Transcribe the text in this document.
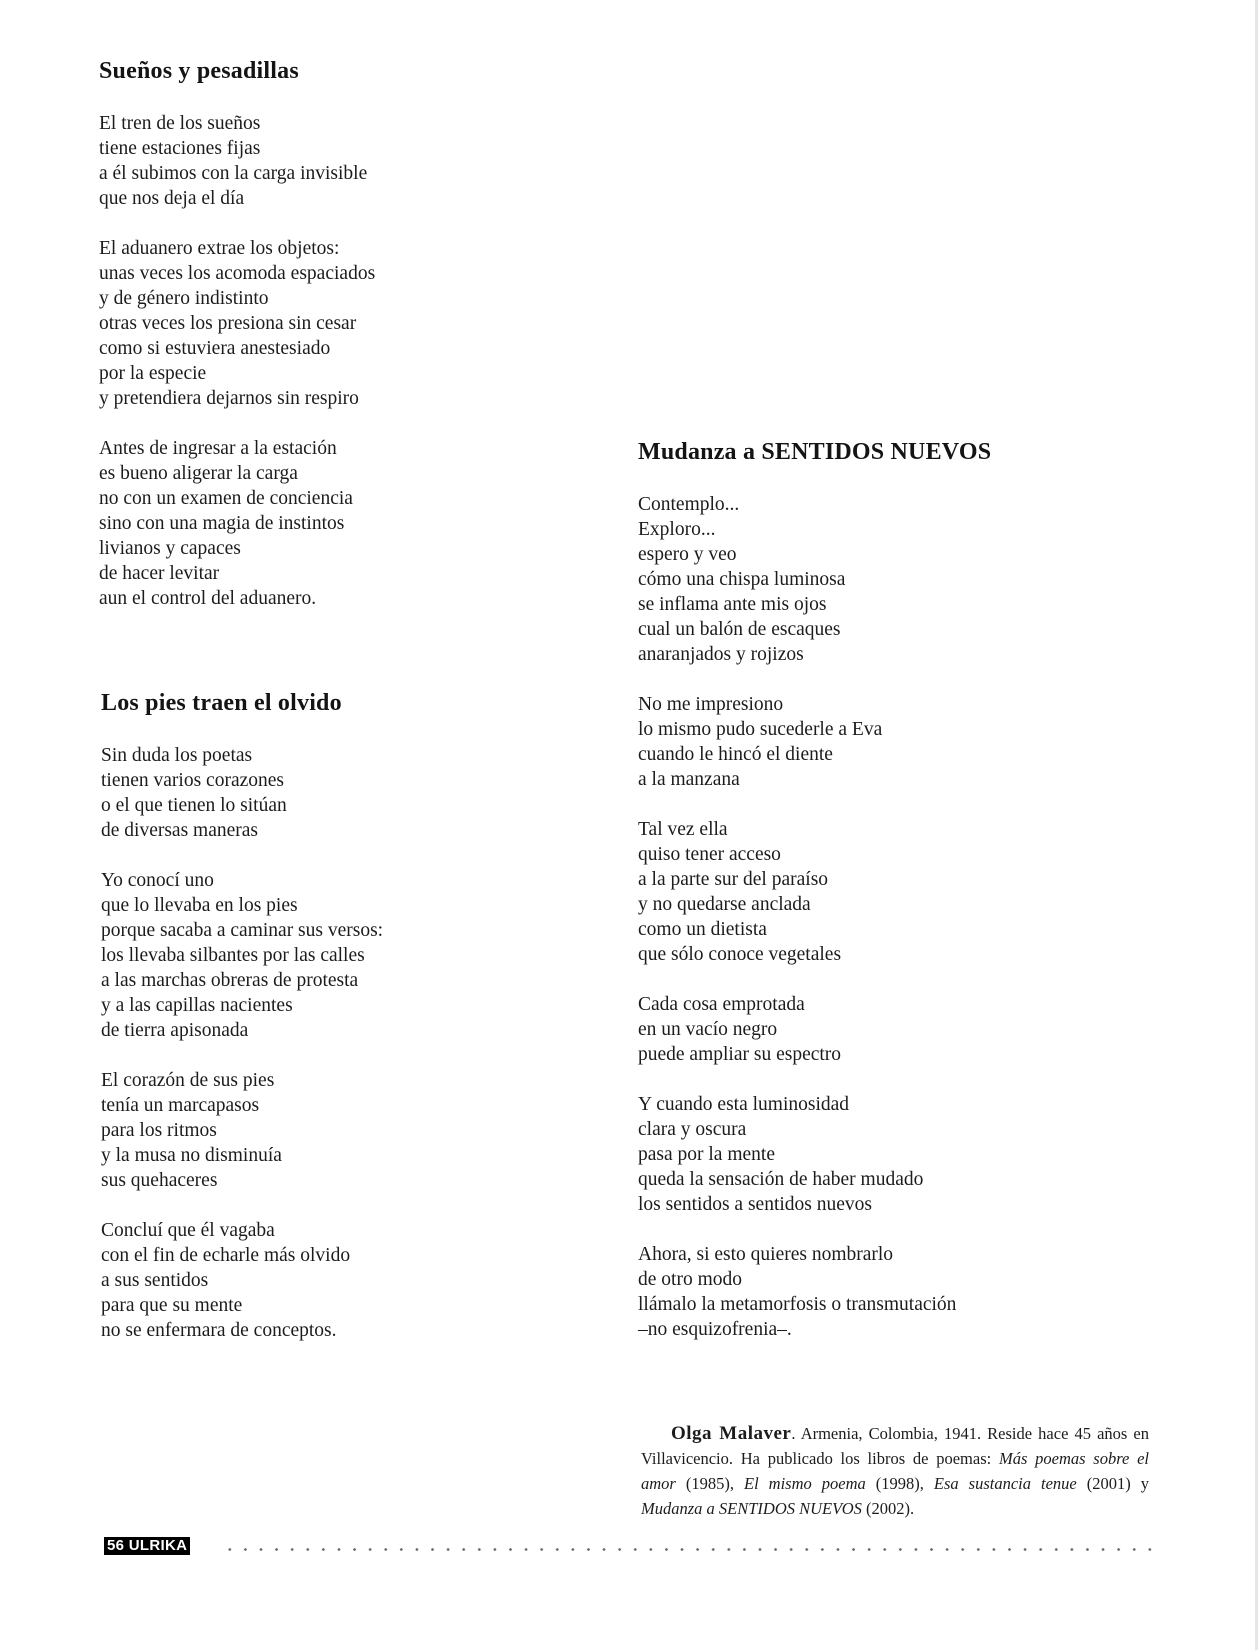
Sueños y pesadillas
El tren de los sueños
tiene estaciones fijas
a él subimos con la carga invisible
que nos deja el día
El aduanero extrae los objetos:
unas veces los acomoda espaciados
y de género indistinto
otras veces los presiona sin cesar
como si estuviera anestesiado
por la especie
y pretendiera dejarnos sin respiro
Antes de ingresar a la estación
es bueno aligerar la carga
no con un examen de conciencia
sino con una magia de instintos
livianos y capaces
de hacer levitar
aun el control del aduanero.
Los pies traen el olvido
Sin duda los poetas
tienen varios corazones
o el que tienen lo sitúan
de diversas maneras
Yo conocí uno
que lo llevaba en los pies
porque sacaba a caminar sus versos:
los llevaba silbantes por las calles
a las marchas obreras de protesta
y a las capillas nacientes
de tierra apisonada
El corazón de sus pies
tenía un marcapasos
para los ritmos
y la musa no disminuía
sus quehaceres
Concluí que él vagaba
con el fin de echarle más olvido
a sus sentidos
para que su mente
no se enfermara de conceptos.
Mudanza a SENTIDOS NUEVOS
Contemplo...
Exploro...
espero y veo
cómo una chispa luminosa
se inflama ante mis ojos
cual un balón de escaques
anaranjados y rojizos
No me impresiono
lo mismo pudo sucederle a Eva
cuando le hincó el diente
a la manzana
Tal vez ella
quiso tener acceso
a la parte sur del paraíso
y no quedarse anclada
como un dietista
que sólo conoce vegetales
Cada cosa emprotada
en un vacío negro
puede ampliar su espectro
Y cuando esta luminosidad
clara y oscura
pasa por la mente
queda la sensación de haber mudado
los sentidos a sentidos nuevos
Ahora, si esto quieres nombrarlo
de otro modo
llámalo la metamorfosis o transmutación
–no esquizofrenia–.
Olga Malaver. Armenia, Colombia, 1941. Reside hace 45 años en Villavicencio. Ha publicado los libros de poemas: Más poemas sobre el amor (1985), El mismo poema (1998), Esa sustancia tenue (2001) y Mudanza a SENTIDOS NUEVOS (2002).
56 ULRIKA
